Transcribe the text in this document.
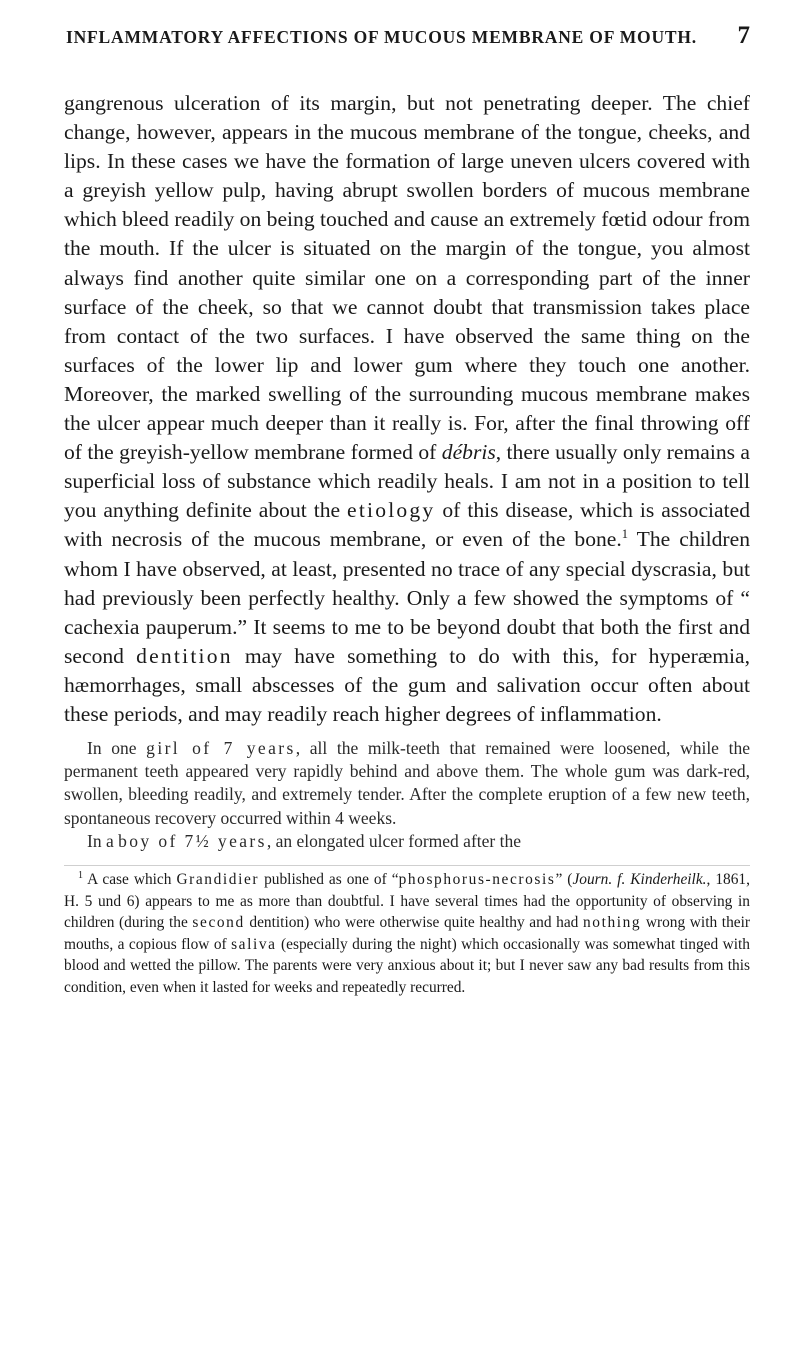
INFLAMMATORY AFFECTIONS OF MUCOUS MEMBRANE OF MOUTH. 7

gangrenous ulceration of its margin, but not penetrating deeper. The chief change, however, appears in the mucous membrane of the tongue, cheeks, and lips. In these cases we have the formation of large uneven ulcers covered with a greyish yellow pulp, having abrupt swollen borders of mucous membrane which bleed readily on being touched and cause an extremely fœtid odour from the mouth. If the ulcer is situated on the margin of the tongue, you almost always find another quite similar one on a corresponding part of the inner surface of the cheek, so that we cannot doubt that transmission takes place from contact of the two surfaces. I have observed the same thing on the surfaces of the lower lip and lower gum where they touch one another. Moreover, the marked swelling of the surrounding mucous membrane makes the ulcer appear much deeper than it really is. For, after the final throwing off of the greyish-yellow membrane formed of débris, there usually only remains a superficial loss of substance which readily heals. I am not in a position to tell you anything definite about the etiology of this disease, which is associated with necrosis of the mucous membrane, or even of the bone.$^1$ The children whom I have observed, at least, presented no trace of any special dyscrasia, but had previously been perfectly healthy. Only a few showed the symptoms of “ cachexia pauperum.” It seems to me to be beyond doubt that both the first and second dentition may have something to do with this, for hyperæmia, hæmorrhages, small abscesses of the gum and salivation occur often about these periods, and may readily reach higher degrees of inflammation.

In one girl of 7 years, all the milk-teeth that remained were loosened, while the permanent teeth appeared very rapidly behind and above them. The whole gum was dark-red, swollen, bleeding readily, and extremely tender. After the complete eruption of a few new teeth, spontaneous recovery occurred within 4 weeks.

In a boy of 7½ years, an elongated ulcer formed after the

$^1$ A case which Grandidier published as one of “phosphorus-necrosis” (Journ. f. Kinderheilk., 1861, H. 5 und 6) appears to me as more than doubtful. I have several times had the opportunity of observing in children (during the second dentition) who were otherwise quite healthy and had nothing wrong with their mouths, a copious flow of saliva (especially during the night) which occasionally was somewhat tinged with blood and wetted the pillow. The parents were very anxious about it; but I never saw any bad results from this condition, even when it lasted for weeks and repeatedly recurred.
